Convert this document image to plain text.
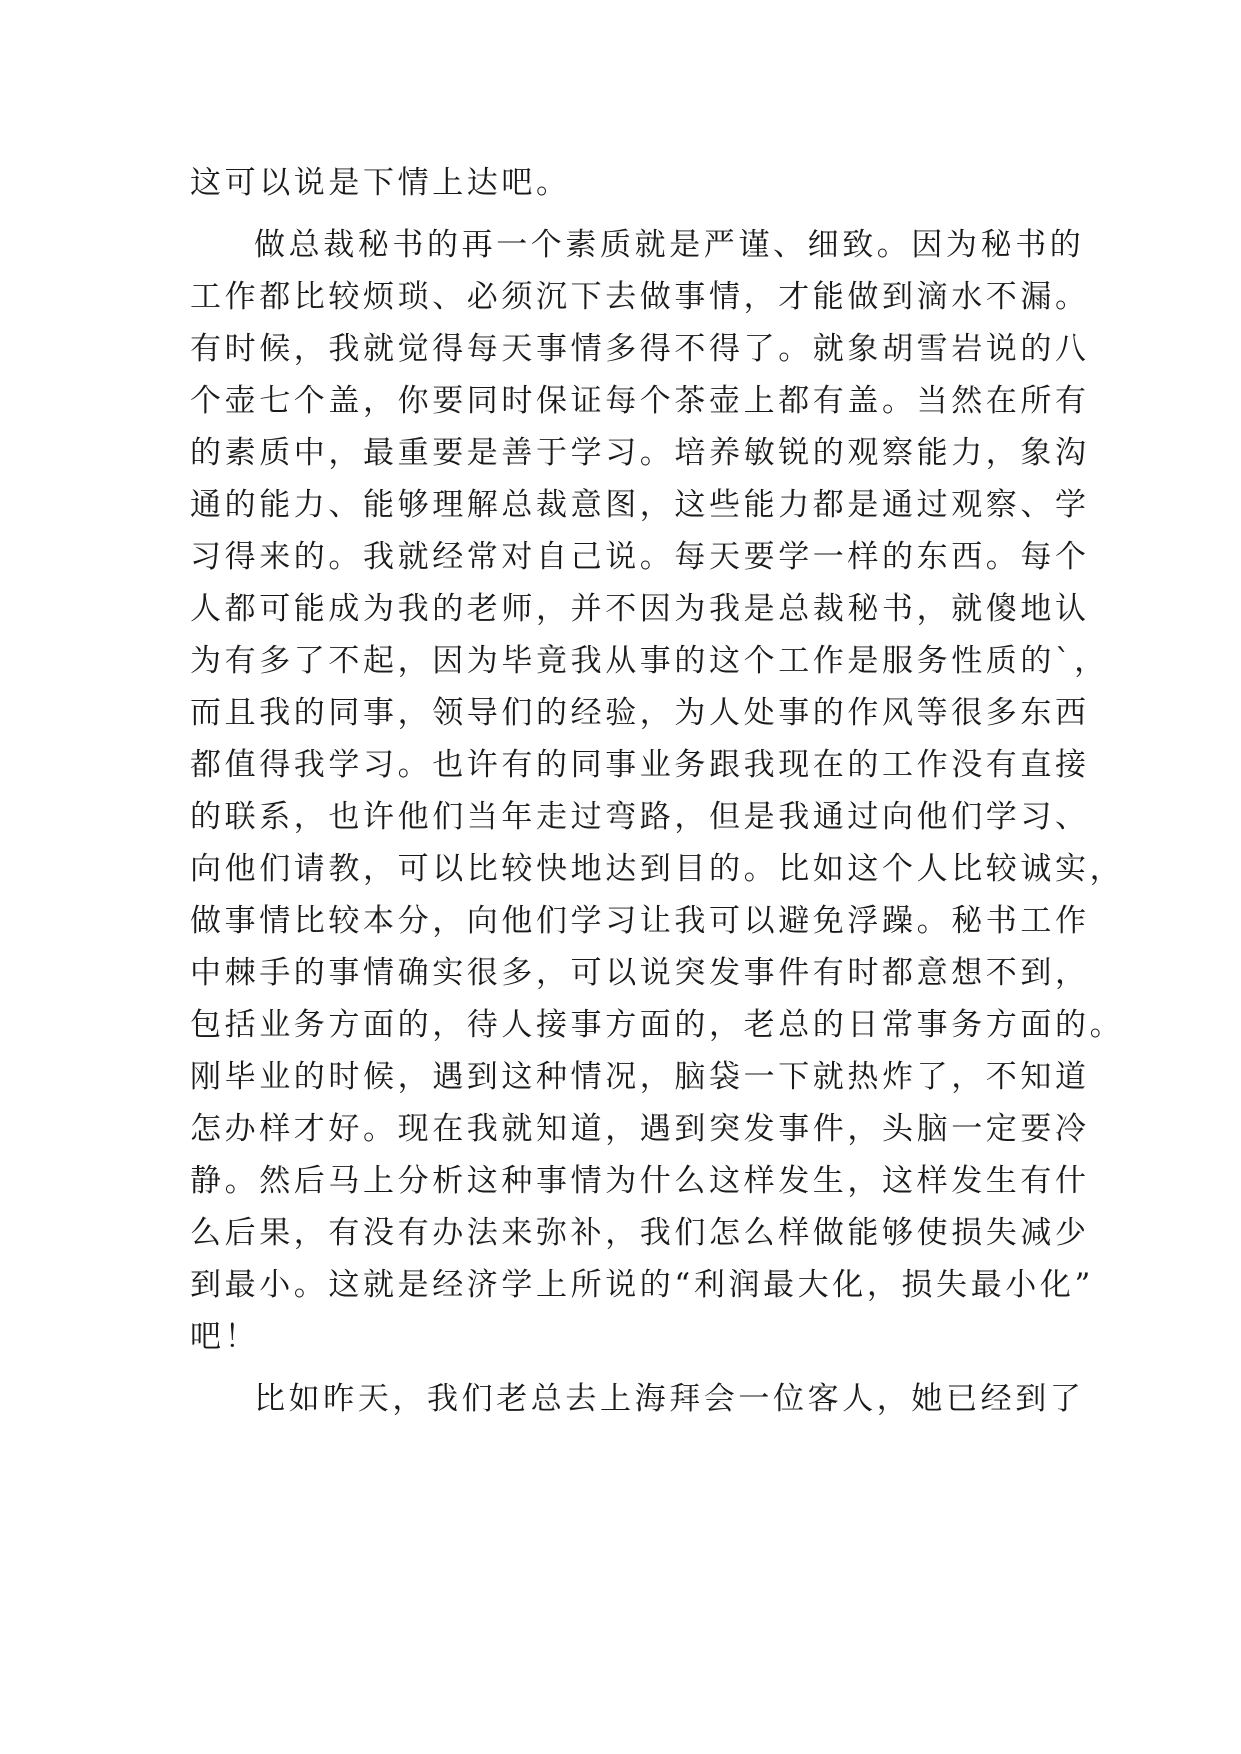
这可以说是下情上达吧。
做总裁秘书的再一个素质就是严谨、细致。因为秘书的
工作都比较烦琐、必须沉下去做事情，才能做到滴水不漏。
有时候，我就觉得每天事情多得不得了。就象胡雪岩说的八
个壶七个盖，你要同时保证每个茶壶上都有盖。当然在所有
的素质中，最重要是善于学习。培养敏锐的观察能力，象沟
通的能力、能够理解总裁意图，这些能力都是通过观察、学
习得来的。我就经常对自己说。每天要学一样的东西。每个
人都可能成为我的老师，并不因为我是总裁秘书，就傻地认
为有多了不起，因为毕竟我从事的这个工作是服务性质的`，
而且我的同事，领导们的经验，为人处事的作风等很多东西
都值得我学习。也许有的同事业务跟我现在的工作没有直接
的联系，也许他们当年走过弯路，但是我通过向他们学习、
向他们请教，可以比较快地达到目的。比如这个人比较诚实，
做事情比较本分，向他们学习让我可以避免浮躁。秘书工作
中棘手的事情确实很多，可以说突发事件有时都意想不到，
包括业务方面的，待人接事方面的，老总的日常事务方面的。
刚毕业的时候，遇到这种情况，脑袋一下就热炸了，不知道
怎办样才好。现在我就知道，遇到突发事件，头脑一定要冷
静。然后马上分析这种事情为什么这样发生，这样发生有什
么后果，有没有办法来弥补，我们怎么样做能够使损失减少
到最小。这就是经济学上所说的“利润最大化，损失最小化”
吧！
比如昨天，我们老总去上海拜会一位客人，她已经到了
